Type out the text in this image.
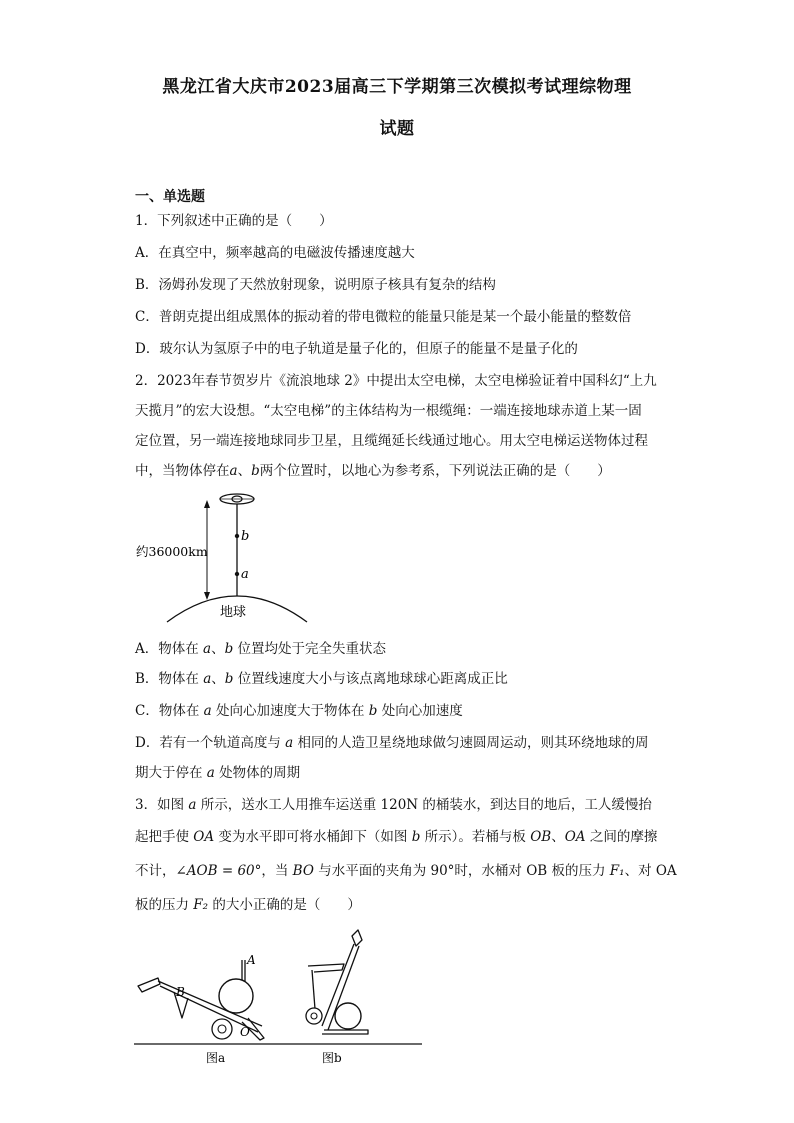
黑龙江省大庆市2023届高三下学期第三次模拟考试理综物理
试题
一、单选题
1．下列叙述中正确的是（　　）
A．在真空中，频率越高的电磁波传播速度越大
B．汤姆孙发现了天然放射现象，说明原子核具有复杂的结构
C．普朗克提出组成黑体的振动着的带电微粒的能量只能是某一个最小能量的整数倍
D．玻尔认为氢原子中的电子轨道是量子化的，但原子的能量不是量子化的
2．2023年春节贺岁片《流浪地球 2》中提出太空电梯，太空电梯验证着中国科幻“上九
天揽月”的宏大设想。“太空电梯”的主体结构为一根缆绳：一端连接地球赤道上某一固
定位置，另一端连接地球同步卫星，且缆绳延长线通过地心。用太空电梯运送物体过程
中，当物体停在a、b两个位置时，以地心为参考系，下列说法正确的是（　　）
b
a
约36000km
地球
A．物体在 a、b 位置均处于完全失重状态
B．物体在 a、b 位置线速度大小与该点离地球球心距离成正比
C．物体在 a 处向心加速度大于物体在 b 处向心加速度
D．若有一个轨道高度与 a 相同的人造卫星绕地球做匀速圆周运动，则其环绕地球的周
期大于停在 a 处物体的周期
3．如图 a 所示，送水工人用推车运送重 120N 的桶装水，到达目的地后，工人缓慢抬
起把手使 OA 变为水平即可将水桶卸下（如图 b 所示）。若桶与板 OB、OA 之间的摩擦
不计，∠AOB = 60°，当 BO 与水平面的夹角为 90°时，水桶对 OB 板的压力 F₁、对 OA
板的压力 F₂ 的大小正确的是（　　）
A
B
O
图a	图b
